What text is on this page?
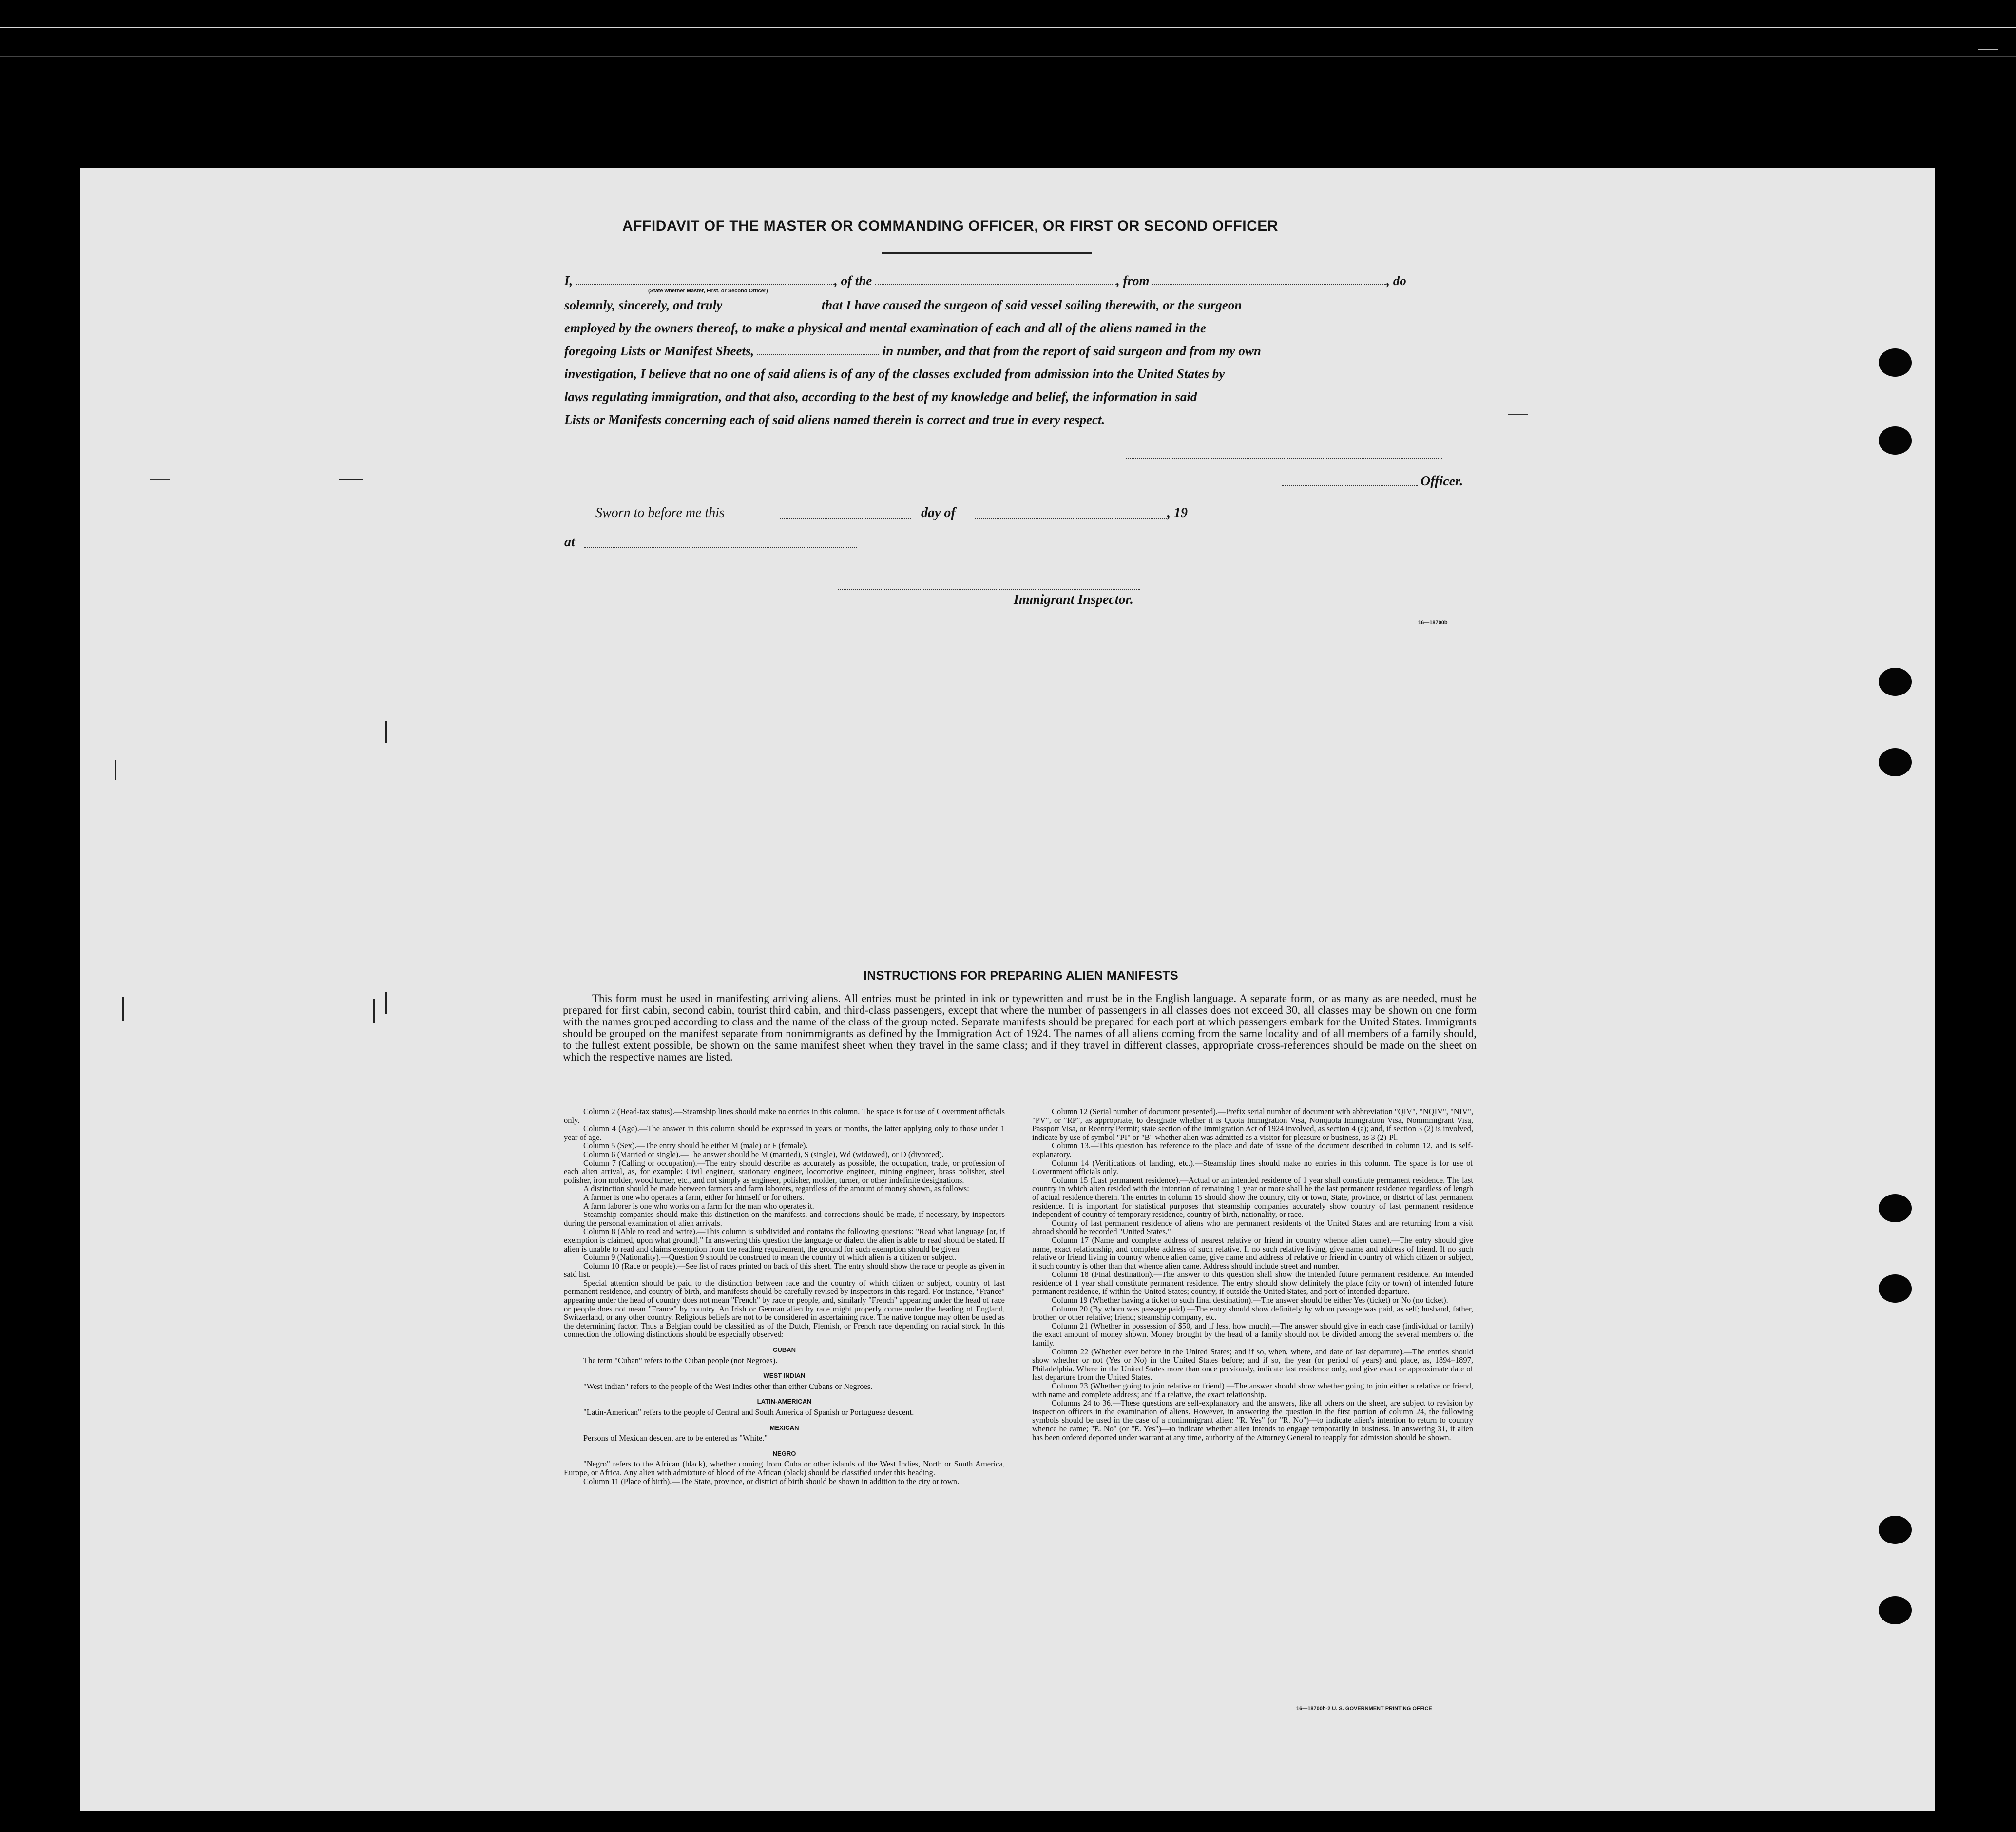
AFFIDAVIT OF THE MASTER OR COMMANDING OFFICER, OR FIRST OR SECOND OFFICER
I,	, of the	, from	, do
(State whether Master, First, or Second Officer)
solemnly, sincerely, and truly	that I have caused the surgeon of said vessel sailing therewith, or the surgeon
employed by the owners thereof, to make a physical and mental examination of each and all of the aliens named in the
foregoing Lists or Manifest Sheets,	in number, and that from the report of said surgeon and from my own
investigation, I believe that no one of said aliens is of any of the classes excluded from admission into the United States by
laws regulating immigration, and that also, according to the best of my knowledge and belief, the information in said
Lists or Manifests concerning each of said aliens named therein is correct and true in every respect.
Officer.
Sworn to before me this	day of	, 19
at
Immigrant Inspector.
16—18700b
INSTRUCTIONS FOR PREPARING ALIEN MANIFESTS
This form must be used in manifesting arriving aliens. All entries must be printed in ink or typewritten and must be in the English language. A separate form, or as many as are needed, must be prepared for first cabin, second cabin, tourist third cabin, and third-class passengers, except that where the number of passengers in all classes does not exceed 30, all classes may be shown on one form with the names grouped according to class and the name of the class of the group noted. Separate manifests should be prepared for each port at which passengers embark for the United States. Immigrants should be grouped on the manifest separate from nonimmigrants as defined by the Immigration Act of 1924. The names of all aliens coming from the same locality and of all members of a family should, to the fullest extent possible, be shown on the same manifest sheet when they travel in the same class; and if they travel in different classes, appropriate cross-references should be made on the sheet on which the respective names are listed.

Column 2 (Head-tax status).—Steamship lines should make no entries in this column. The space is for use of Government officials only.

Column 4 (Age).—The answer in this column should be expressed in years or months, the latter applying only to those under 1 year of age.

Column 5 (Sex).—The entry should be either M (male) or F (female).

Column 6 (Married or single).—The answer should be M (married), S (single), Wd (widowed), or D (divorced).

Column 7 (Calling or occupation).—The entry should describe as accurately as possible, the occupation, trade, or profession of each alien arrival, as, for example: Civil engineer, stationary engineer, locomotive engineer, mining engineer, brass polisher, steel polisher, iron molder, wood turner, etc., and not simply as engineer, polisher, molder, turner, or other indefinite designations.

A distinction should be made between farmers and farm laborers, regardless of the amount of money shown, as follows:

A farmer is one who operates a farm, either for himself or for others.

A farm laborer is one who works on a farm for the man who operates it.

Steamship companies should make this distinction on the manifests, and corrections should be made, if necessary, by inspectors during the personal examination of alien arrivals.

Column 8 (Able to read and write).—This column is subdivided and contains the following questions: "Read what language [or, if exemption is claimed, upon what ground]." In answering this question the language or dialect the alien is able to read should be stated. If alien is unable to read and claims exemption from the reading requirement, the ground for such exemption should be given.

Column 9 (Nationality).—Question 9 should be construed to mean the country of which alien is a citizen or subject.

Column 10 (Race or people).—See list of races printed on back of this sheet. The entry should show the race or people as given in said list.

Special attention should be paid to the distinction between race and the country of which citizen or subject, country of last permanent residence, and country of birth, and manifests should be carefully revised by inspectors in this regard. For instance, "France" appearing under the head of country does not mean "French" by race or people, and, similarly "French" appearing under the head of race or people does not mean "France" by country. An Irish or German alien by race might properly come under the heading of England, Switzerland, or any other country. Religious beliefs are not to be considered in ascertaining race. The native tongue may often be used as the determining factor. Thus a Belgian could be classified as of the Dutch, Flemish, or French race depending on racial stock. In this connection the following distinctions should be especially observed:

CUBAN

The term "Cuban" refers to the Cuban people (not Negroes).

WEST INDIAN

"West Indian" refers to the people of the West Indies other than either Cubans or Negroes.

LATIN-AMERICAN

"Latin-American" refers to the people of Central and South America of Spanish or Portuguese descent.

MEXICAN

Persons of Mexican descent are to be entered as "White."

NEGRO

"Negro" refers to the African (black), whether coming from Cuba or other islands of the West Indies, North or South America, Europe, or Africa. Any alien with admixture of blood of the African (black) should be classified under this heading.

Column 11 (Place of birth).—The State, province, or district of birth should be shown in addition to the city or town.

Column 12 (Serial number of document presented).—Prefix serial number of document with abbreviation "QIV", "NQIV", "NIV", "PV", or "RP", as appropriate, to designate whether it is Quota Immigration Visa, Nonquota Immigration Visa, Nonimmigrant Visa, Passport Visa, or Reentry Permit; state section of the Immigration Act of 1924 involved, as section 4 (a); and, if section 3 (2) is involved, indicate by use of symbol "PI" or "B" whether alien was admitted as a visitor for pleasure or business, as 3 (2)-Pl.

Column 13.—This question has reference to the place and date of issue of the document described in column 12, and is self-explanatory.

Column 14 (Verifications of landing, etc.).—Steamship lines should make no entries in this column. The space is for use of Government officials only.

Column 15 (Last permanent residence).—Actual or an intended residence of 1 year shall constitute permanent residence. The last country in which alien resided with the intention of remaining 1 year or more shall be the last permanent residence regardless of length of actual residence therein. The entries in column 15 should show the country, city or town, State, province, or district of last permanent residence. It is important for statistical purposes that steamship companies accurately show country of last permanent residence independent of country of temporary residence, country of birth, nationality, or race.

Country of last permanent residence of aliens who are permanent residents of the United States and are returning from a visit abroad should be recorded "United States."

Column 17 (Name and complete address of nearest relative or friend in country whence alien came).—The entry should give name, exact relationship, and complete address of such relative. If no such relative living, give name and address of friend. If no such relative or friend living in country whence alien came, give name and address of relative or friend in country of which citizen or subject, if such country is other than that whence alien came. Address should include street and number.

Column 18 (Final destination).—The answer to this question shall show the intended future permanent residence. An intended residence of 1 year shall constitute permanent residence. The entry should show definitely the place (city or town) of intended future permanent residence, if within the United States; country, if outside the United States, and port of intended departure.

Column 19 (Whether having a ticket to such final destination).—The answer should be either Yes (ticket) or No (no ticket).

Column 20 (By whom was passage paid).—The entry should show definitely by whom passage was paid, as self; husband, father, brother, or other relative; friend; steamship company, etc.

Column 21 (Whether in possession of $50, and if less, how much).—The answer should give in each case (individual or family) the exact amount of money shown. Money brought by the head of a family should not be divided among the several members of the family.

Column 22 (Whether ever before in the United States; and if so, when, where, and date of last departure).—The entries should show whether or not (Yes or No) in the United States before; and if so, the year (or period of years) and place, as, 1894–1897, Philadelphia. Where in the United States more than once previously, indicate last residence only, and give exact or approximate date of last departure from the United States.

Column 23 (Whether going to join relative or friend).—The answer should show whether going to join either a relative or friend, with name and complete address; and if a relative, the exact relationship.

Columns 24 to 36.—These questions are self-explanatory and the answers, like all others on the sheet, are subject to revision by inspection officers in the examination of aliens. However, in answering the question in the first portion of column 24, the following symbols should be used in the case of a nonimmigrant alien: "R. Yes" (or "R. No")—to indicate alien's intention to return to country whence he came; "E. No" (or "E. Yes")—to indicate whether alien intends to engage temporarily in business. In answering 31, if alien has been ordered deported under warrant at any time, authority of the Attorney General to reapply for admission should be shown.

16—18700b-2 U. S. GOVERNMENT PRINTING OFFICE
